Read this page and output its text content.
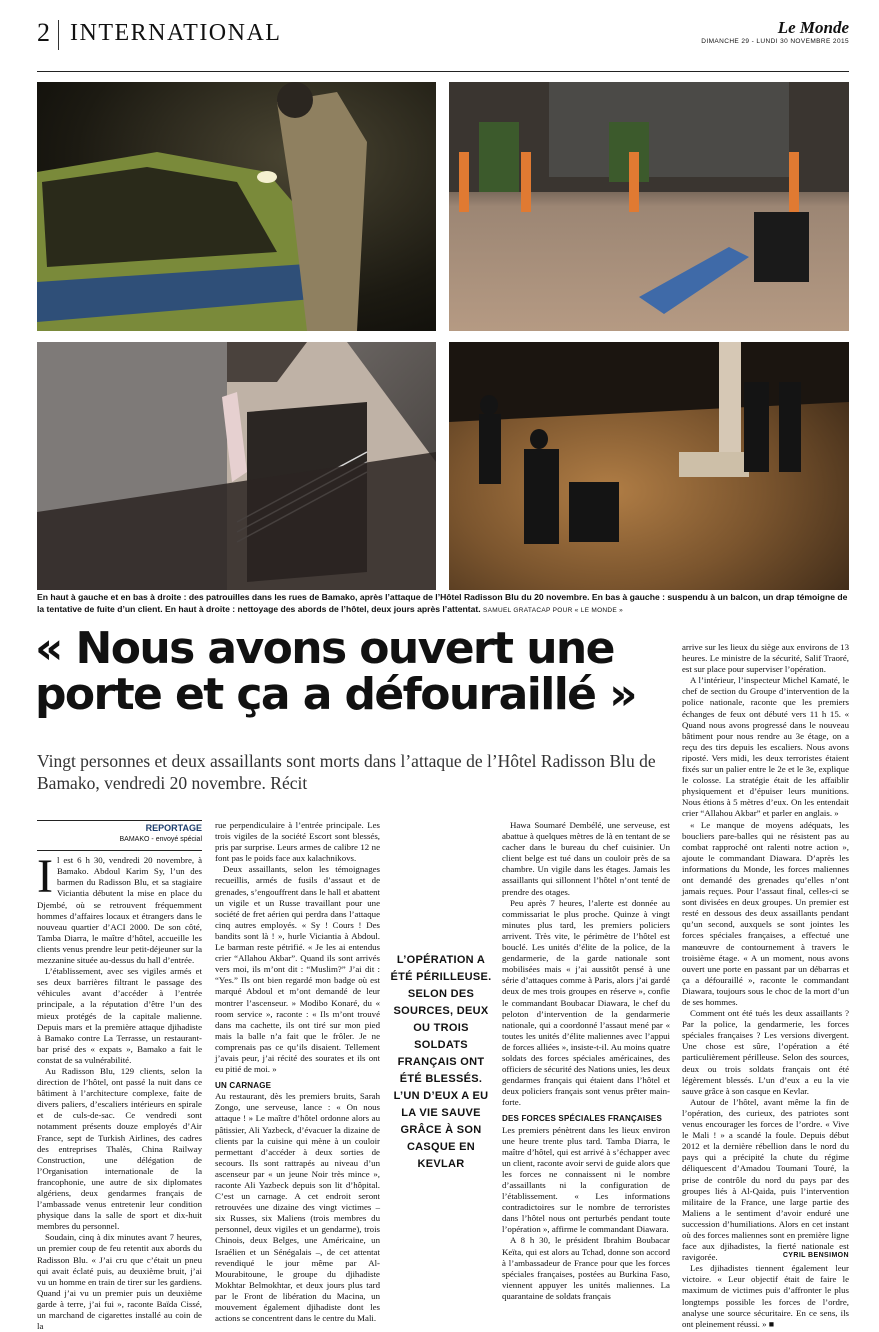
2 INTERNATIONAL	Le Monde
DIMANCHE 29 - LUNDI 30 NOVEMBRE 2015
En haut à gauche et en bas à droite : des patrouilles dans les rues de Bamako, après l’attaque de l’Hôtel Radisson Blu du 20 novembre. En bas à gauche : suspendu à un balcon, un drap témoigne de la tentative de fuite d’un client. En haut à droite : nettoyage des abords de l’hôtel, deux jours après l’attentat. SAMUEL GRATACAP POUR « LE MONDE »
« Nous avons ouvert une porte et ça a défouraillé »
Vingt personnes et deux assaillants sont morts dans l’attaque de l’Hôtel Radisson Blu de Bamako, vendredi 20 novembre. Récit
REPORTAGE
BAMAKO - envoyé spécial

Il est 6 h 30, vendredi 20 novembre, à Bamako. Abdoul Karim Sy, l’un des barmen du Radisson Blu, et sa stagiaire Viciantia débutent la mise en place du Djembé, où se retrouvent fréquemment hommes d’affaires locaux et étrangers dans le nouveau quartier d’ACI 2000. De son côté, Tamba Diarra, le maître d’hôtel, accueille les clients venus prendre leur petit-déjeuner sur la mezzanine située au-dessus du hall d’entrée.

L’établissement, avec ses vigiles armés et ses deux barrières filtrant le passage des véhicules avant d’accéder à l’entrée principale, a la réputation d’être l’un des mieux protégés de la capitale malienne. Depuis mars et la première attaque djihadiste à Bamako contre La Terrasse, un restaurant-bar prisé des « expats », Bamako a fait le constat de sa vulnérabilité.

Au Radisson Blu, 129 clients, selon la direction de l’hôtel, ont passé la nuit dans ce bâtiment à l’architecture complexe, faite de divers paliers, d’escaliers intérieurs en spirale et de culs-de-sac. Ce vendredi sont notamment présents douze employés d’Air France, sept de Turkish Airlines, des cadres des entreprises Thalès, China Railway Construction, une délégation de l’Organisation internationale de la francophonie, une autre de six diplomates algériens, deux gendarmes français de l’ambassade venus entretenir leur condition physique dans la salle de sport et dix-huit membres du personnel.

Soudain, cinq à dix minutes avant 7 heures, un premier coup de feu retentit aux abords du Radisson Blu. « J’ai cru que c’était un pneu qui avait éclaté puis, au deuxième bruit, j’ai vu un homme en train de tirer sur les gardiens. Quand j’ai vu un premier puis un deuxième garde à terre, j’ai fui », raconte Baïda Cissé, un marchand de cigarettes installé au coin de la

rue perpendiculaire à l’entrée principale. Les trois vigiles de la société Escort sont blessés, pris par surprise. Leurs armes de calibre 12 ne font pas le poids face aux kalachnikovs.

Deux assaillants, selon les témoignages recueillis, armés de fusils d’assaut et de grenades, s’engouffrent dans le hall et abattent un vigile et un Russe travaillant pour une société de fret aérien qui perdra dans l’attaque cinq autres employés. « Sy ! Cours ! Des bandits sont là ! », hurle Viciantia à Abdoul. Le barman reste pétrifié. « Je les ai entendus crier “Allahou Akbar”. Quand ils sont arrivés vers moi, ils m’ont dit : “Muslim?” J’ai dit : “Yes.” Ils ont bien regardé mon badge où est marqué Abdoul et m’ont demandé de leur montrer l’ascenseur. » Modibo Konaré, du « room service », raconte : « Ils m’ont trouvé dans ma cachette, ils ont tiré sur mon pied mais la balle n’a fait que le frôler. Je ne comprenais pas ce qu’ils disaient. Tellement j’avais peur, j’ai récité des sourates et ils ont eu pitié de moi. »

UN CARNAGE

Au restaurant, dès les premiers bruits, Sarah Zongo, une serveuse, lance : « On nous attaque ! » Le maître d’hôtel ordonne alors au pâtissier, Ali Yazbeck, d’évacuer la dizaine de clients par la cuisine qui mène à un couloir permettant d’accéder à deux sorties de secours. Ils sont rattrapés au niveau d’un ascenseur par « un jeune Noir très mince », raconte Ali Yazbeck depuis son lit d’hôpital. C’est un carnage. A cet endroit seront retrouvées une dizaine des vingt victimes – six Russes, six Maliens (trois membres du personnel, deux vigiles et un gendarme), trois Chinois, deux Belges, une Américaine, un Israélien et un Sénégalais –, de cet attentat revendiqué le jour même par Al-Mourabitoune, le groupe du djihadiste Mokhtar Belmokhtar, et deux jours plus tard par le Front de libération du Macina, un mouvement également djihadiste dont les actions se concentrent dans le centre du Mali.

L’OPÉRATION A ÉTÉ PÉRILLEUSE. SELON DES SOURCES, DEUX OU TROIS SOLDATS FRANÇAIS ONT ÉTÉ BLESSÉS. L’UN D’EUX A EU LA VIE SAUVE GRÂCE À SON CASQUE EN KEVLAR

Hawa Soumaré Dembélé, une serveuse, est abattue à quelques mètres de là en tentant de se cacher dans le bureau du chef cuisinier. Un client belge est tué dans un couloir près de sa chambre. Un vigile dans les étages. Jamais les assaillants qui sillonnent l’hôtel n’ont tenté de prendre des otages.

Peu après 7 heures, l’alerte est donnée au commissariat le plus proche. Quinze à vingt minutes plus tard, les premiers policiers arrivent. Très vite, le périmètre de l’hôtel est bouclé. Les unités d’élite de la police, de la gendarmerie, de la garde nationale sont mobilisées mais « j’ai aussitôt pensé à une série d’attaques comme à Paris, alors j’ai gardé deux de mes trois groupes en réserve », confie le commandant Boubacar Diawara, le chef du peloton d’intervention de la gendarmerie nationale, qui a coordonné l’assaut mené par « toutes les unités d’élite maliennes avec l’appui de forces alliées », insiste-t-il. Au moins quatre soldats des forces spéciales américaines, des officiers de sécurité des Nations unies, les deux gendarmes français qui étaient dans l’hôtel et deux policiers français sont venus prêter main-forte.

DES FORCES SPÉCIALES FRANÇAISES

Les premiers pénètrent dans les lieux environ une heure trente plus tard. Tamba Diarra, le maître d’hôtel, qui est arrivé à s’échapper avec un client, raconte avoir servi de guide alors que les forces ne connaissent ni le nombre d’assaillants ni la configuration de l’établissement. « Les informations contradictoires sur le nombre de terroristes dans l’hôtel nous ont perturbés pendant toute l’opération », affirme le commandant Diawara.

A 8 h 30, le président Ibrahim Boubacar Keïta, qui est alors au Tchad, donne son accord à l’ambassadeur de France pour que les forces spéciales françaises, postées au Burkina Faso, viennent appuyer les unités maliennes. La quarantaine de soldats français

arrive sur les lieux du siège aux environs de 13 heures. Le ministre de la sécurité, Salif Traoré, est sur place pour superviser l’opération.

A l’intérieur, l’inspecteur Michel Kamaté, le chef de section du Groupe d’intervention de la police nationale, raconte que les premiers échanges de feux ont débuté vers 11 h 15. « Quand nous avons progressé dans le nouveau bâtiment pour nous rendre au 3e étage, on a reçu des tirs depuis les escaliers. Nous avons riposté. Vers midi, les deux terroristes étaient fixés sur un palier entre le 2e et le 3e, explique le colosse. La stratégie était de les affaiblir physiquement et d’épuiser leurs munitions. Nous étions à 5 mètres d’eux. On les entendait crier “Allahou Akbar” et parler en anglais. »

« Le manque de moyens adéquats, les boucliers pare-balles qui ne résistent pas au combat rapproché ont ralenti notre action », ajoute le commandant Diawara. D’après les informations du Monde, les forces maliennes ont demandé des grenades qu’elles n’ont jamais reçues. Pour l’assaut final, celles-ci se sont divisées en deux groupes. Un premier est resté en dessous des deux assaillants pendant qu’un second, auxquels se sont jointes les forces spéciales françaises, a effectué une manœuvre de contournement à travers le troisième étage. « A un moment, nous avons ouvert une porte en passant par un débarras et ça a défouraillé », raconte le commandant Diawara, toujours sous le choc de la mort d’un de ses hommes.

Comment ont été tués les deux assaillants ? Par la police, la gendarmerie, les forces spéciales françaises ? Les versions divergent. Une chose est sûre, l’opération a été particulièrement périlleuse. Selon des sources, deux ou trois soldats français ont été légèrement blessés. L’un d’eux a eu la vie sauve grâce à son casque en Kevlar.

Autour de l’hôtel, avant même la fin de l’opération, des curieux, des patriotes sont venus encourager les forces de l’ordre. « Vive le Mali ! » a scandé la foule. Depuis début 2012 et la dernière rébellion dans le nord du pays qui a précipité la chute du régime déliquescent d’Amadou Toumani Touré, la prise de contrôle du nord du pays par des groupes liés à Al-Qaida, puis l’intervention militaire de la France, une large partie des Maliens a le sentiment d’avoir enduré une succession d’humiliations. Alors en cet instant où des forces maliennes sont en première ligne face aux djihadistes, la fierté nationale est ravigorée.

Les djihadistes tiennent également leur victoire. « Leur objectif était de faire le maximum de victimes puis d’affronter le plus longtemps possible les forces de l’ordre, analyse une source sécuritaire. En ce sens, ils ont pleinement réussi. » ■

CYRIL BENSIMON
